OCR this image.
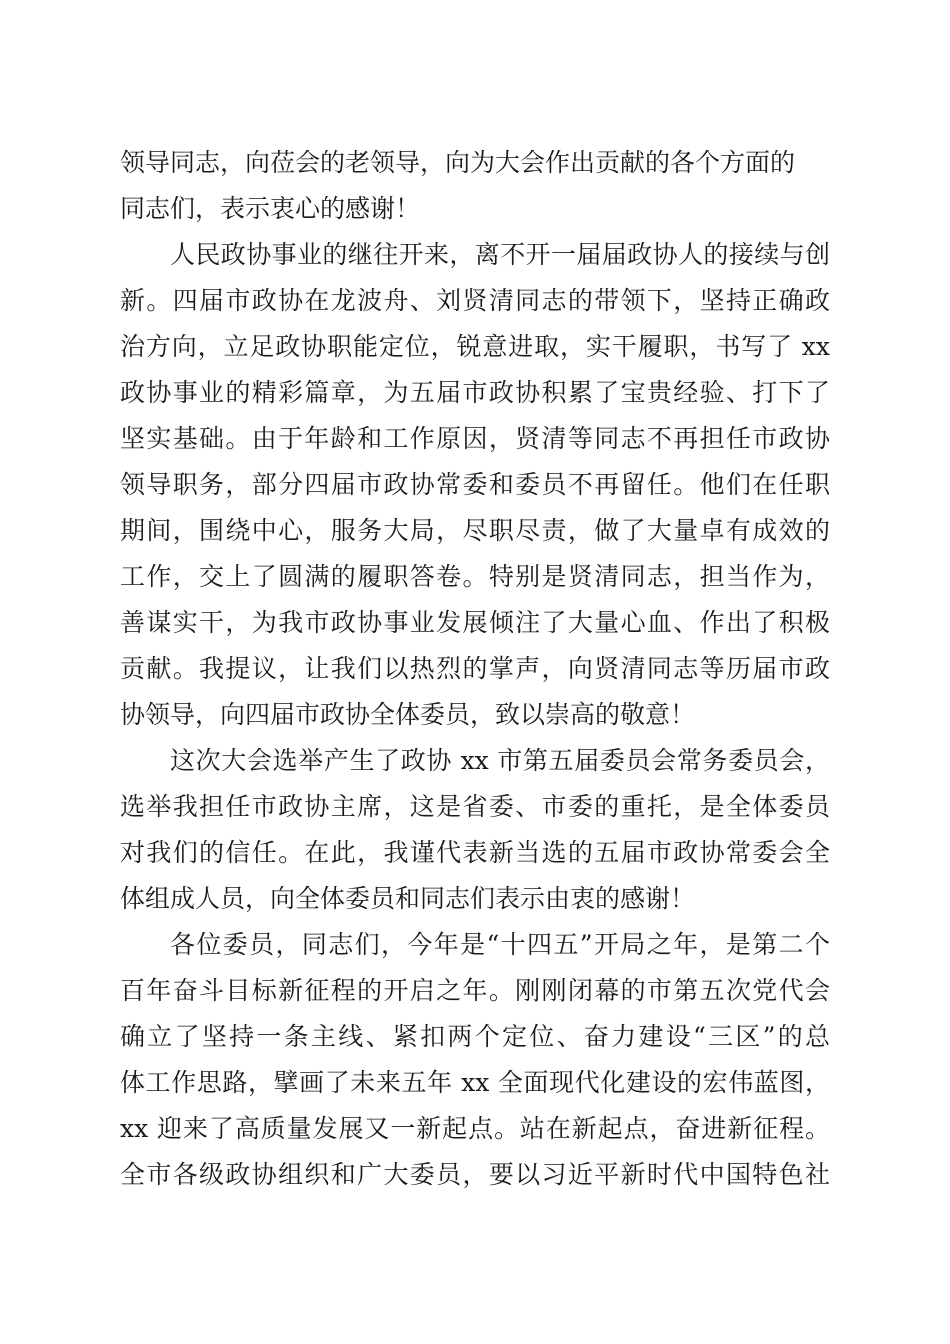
领导同志，向莅会的老领导，向为大会作出贡献的各个方面的
同志们，表示衷心的感谢！
人民政协事业的继往开来，离不开一届届政协人的接续与创
新。四届市政协在龙波舟、刘贤清同志的带领下，坚持正确政
治方向，立足政协职能定位，锐意进取，实干履职，书写了 xx
政协事业的精彩篇章，为五届市政协积累了宝贵经验、打下了
坚实基础。由于年龄和工作原因，贤清等同志不再担任市政协
领导职务，部分四届市政协常委和委员不再留任。他们在任职
期间，围绕中心，服务大局，尽职尽责，做了大量卓有成效的
工作，交上了圆满的履职答卷。特别是贤清同志，担当作为，
善谋实干，为我市政协事业发展倾注了大量心血、作出了积极
贡献。我提议，让我们以热烈的掌声，向贤清同志等历届市政
协领导，向四届市政协全体委员，致以崇高的敬意！
这次大会选举产生了政协 xx 市第五届委员会常务委员会，
选举我担任市政协主席，这是省委、市委的重托，是全体委员
对我们的信任。在此，我谨代表新当选的五届市政协常委会全
体组成人员，向全体委员和同志们表示由衷的感谢！
各位委员，同志们，今年是“十四五”开局之年，是第二个
百年奋斗目标新征程的开启之年。刚刚闭幕的市第五次党代会
确立了坚持一条主线、紧扣两个定位、奋力建设“三区”的总
体工作思路，擘画了未来五年 xx 全面现代化建设的宏伟蓝图，
xx 迎来了高质量发展又一新起点。站在新起点，奋进新征程。
全市各级政协组织和广大委员，要以习近平新时代中国特色社
